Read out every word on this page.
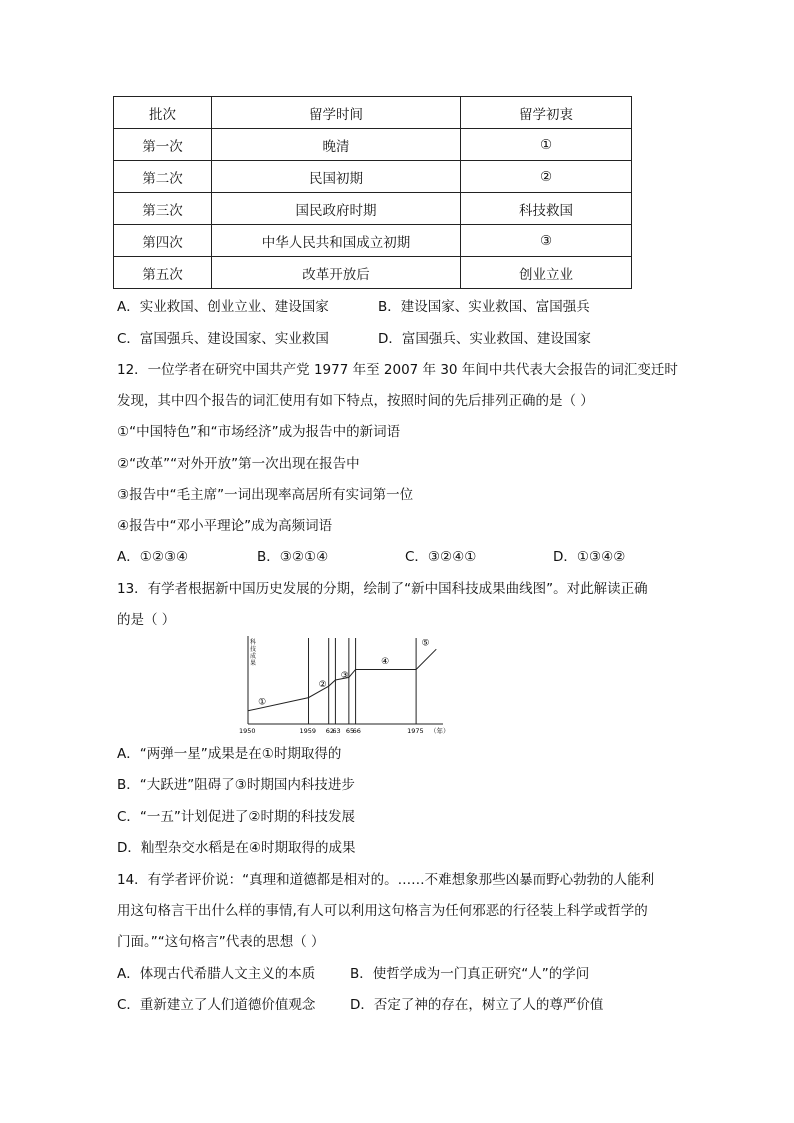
批次	留学时间	留学初衷
第一次	晚清	①
第二次	民国初期	②
第三次	国民政府时期	科技救国
第四次	中华人民共和国成立初期	③
第五次	改革开放后	创业立业
A．实业救国、创业立业、建设国家	B．建设国家、实业救国、富国强兵
C．富国强兵、建设国家、实业救国	D．富国强兵、实业救国、建设国家
12．一位学者在研究中国共产党 1977 年至 2007 年 30 年间中共代表大会报告的词汇变迁时
发现，其中四个报告的词汇使用有如下特点，按照时间的先后排列正确的是（ ）
①“中国特色”和“市场经济”成为报告中的新词语
②“改革”“对外开放”第一次出现在报告中
③报告中“毛主席”一词出现率高居所有实词第一位
④报告中“邓小平理论”成为高频词语
A．①②③④	B．③②①④	C．③②④①	D．①③④②
13．有学者根据新中国历史发展的分期，绘制了“新中国科技成果曲线图”。对此解读正确
的是（ ）
科技成果
①
②
③
④
⑤
1950	1959 62
63 65
66	1975 （年）
A．“两弹一星”成果是在①时期取得的
B．“大跃进”阻碍了③时期国内科技进步
C．“一五”计划促进了②时期的科技发展
D．籼型杂交水稻是在④时期取得的成果
14．有学者评价说：“真理和道德都是相对的。……不难想象那些凶暴而野心勃勃的人能利
用这句格言干出什么样的事情,有人可以利用这句格言为任何邪恶的行径装上科学或哲学的
门面。”“这句格言”代表的思想（ ）
A．体现古代希腊人文主义的本质	B．使哲学成为一门真正研究“人”的学问
C．重新建立了人们道德价值观念	D．否定了神的存在，树立了人的尊严价值
